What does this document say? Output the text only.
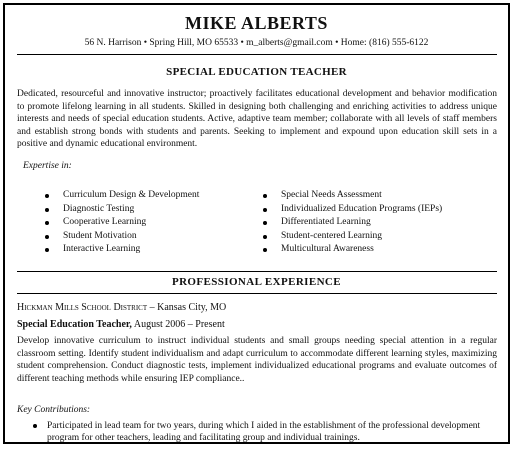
MIKE ALBERTS
56 N. Harrison • Spring Hill, MO 65533 • m_alberts@gmail.com • Home: (816) 555-6122
SPECIAL EDUCATION TEACHER
Dedicated, resourceful and innovative instructor; proactively facilitates educational development and behavior modification to promote lifelong learning in all students. Skilled in designing both challenging and enriching activities to address unique interests and needs of special education students. Active, adaptive team member; collaborate with all levels of staff members and establish strong bonds with students and parents. Seeking to implement and expound upon education skill sets in a positive and dynamic educational environment.
Expertise in:
Curriculum Design & Development
Diagnostic Testing
Cooperative Learning
Student Motivation
Interactive Learning
Special Needs Assessment
Individualized Education Programs (IEPs)
Differentiated Learning
Student-centered Learning
Multicultural Awareness
PROFESSIONAL EXPERIENCE
Hickman Mills School District – Kansas City, MO
Special Education Teacher, August 2006 – Present
Develop innovative curriculum to instruct individual students and small groups needing special attention in a regular classroom setting. Identify student individualism and adapt curriculum to accommodate different learning styles, maximizing student comprehension. Conduct diagnostic tests, implement individualized educational programs and evaluate outcomes of different teaching methods while ensuring IEP compliance..
Key Contributions:
Participated in lead team for two years, during which I aided in the establishment of the professional development program for other teachers, leading and facilitating group and individual trainings.
